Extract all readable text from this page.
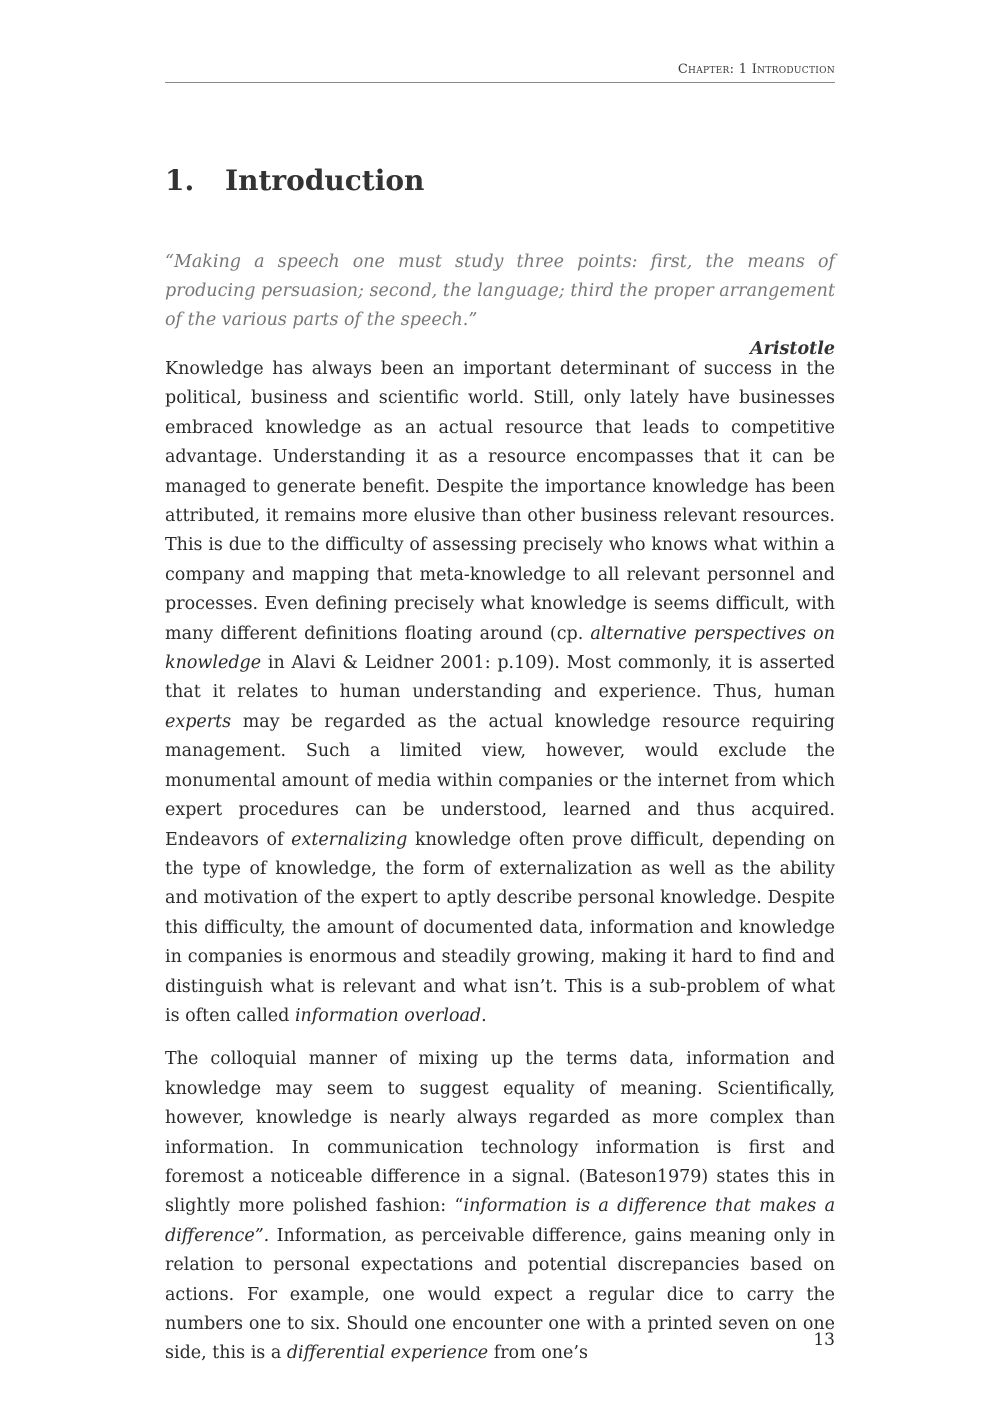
Chapter: 1 Introduction
1. Introduction

“Making a speech one must study three points: first, the means of producing persuasion; second, the language; third the proper arrangement of the various parts of the speech.”

Aristotle

Knowledge has always been an important determinant of success in the political, business and scientific world. Still, only lately have businesses embraced knowledge as an actual resource that leads to competitive advantage. Understanding it as a resource encompasses that it can be managed to generate benefit. Despite the importance knowledge has been attributed, it remains more elusive than other business relevant resources. This is due to the difficulty of assessing precisely who knows what within a company and mapping that meta-knowledge to all relevant personnel and processes. Even defining precisely what knowledge is seems difficult, with many different definitions floating around (cp. alternative perspectives on knowledge in Alavi & Leidner 2001: p.109). Most commonly, it is asserted that it relates to human understanding and experience. Thus, human experts may be regarded as the actual knowledge resource requiring management. Such a limited view, however, would exclude the monumental amount of media within companies or the internet from which expert procedures can be understood, learned and thus acquired. Endeavors of externalizing knowledge often prove difficult, depending on the type of knowledge, the form of externalization as well as the ability and motivation of the expert to aptly describe personal knowledge. Despite this difficulty, the amount of documented data, information and knowledge in companies is enormous and steadily growing, making it hard to find and distinguish what is relevant and what isn’t. This is a sub-problem of what is often called information overload.

The colloquial manner of mixing up the terms data, information and knowledge may seem to suggest equality of meaning. Scientifically, however, knowledge is nearly always regarded as more complex than information. In communication technology information is first and foremost a noticeable difference in a signal. (Bateson1979) states this in slightly more polished fashion: “information is a difference that makes a difference”. Information, as perceivable difference, gains meaning only in relation to personal expectations and potential discrepancies based on actions. For example, one would expect a regular dice to carry the numbers one to six. Should one encounter one with a printed seven on one side, this is a differential experience from one’s

13
